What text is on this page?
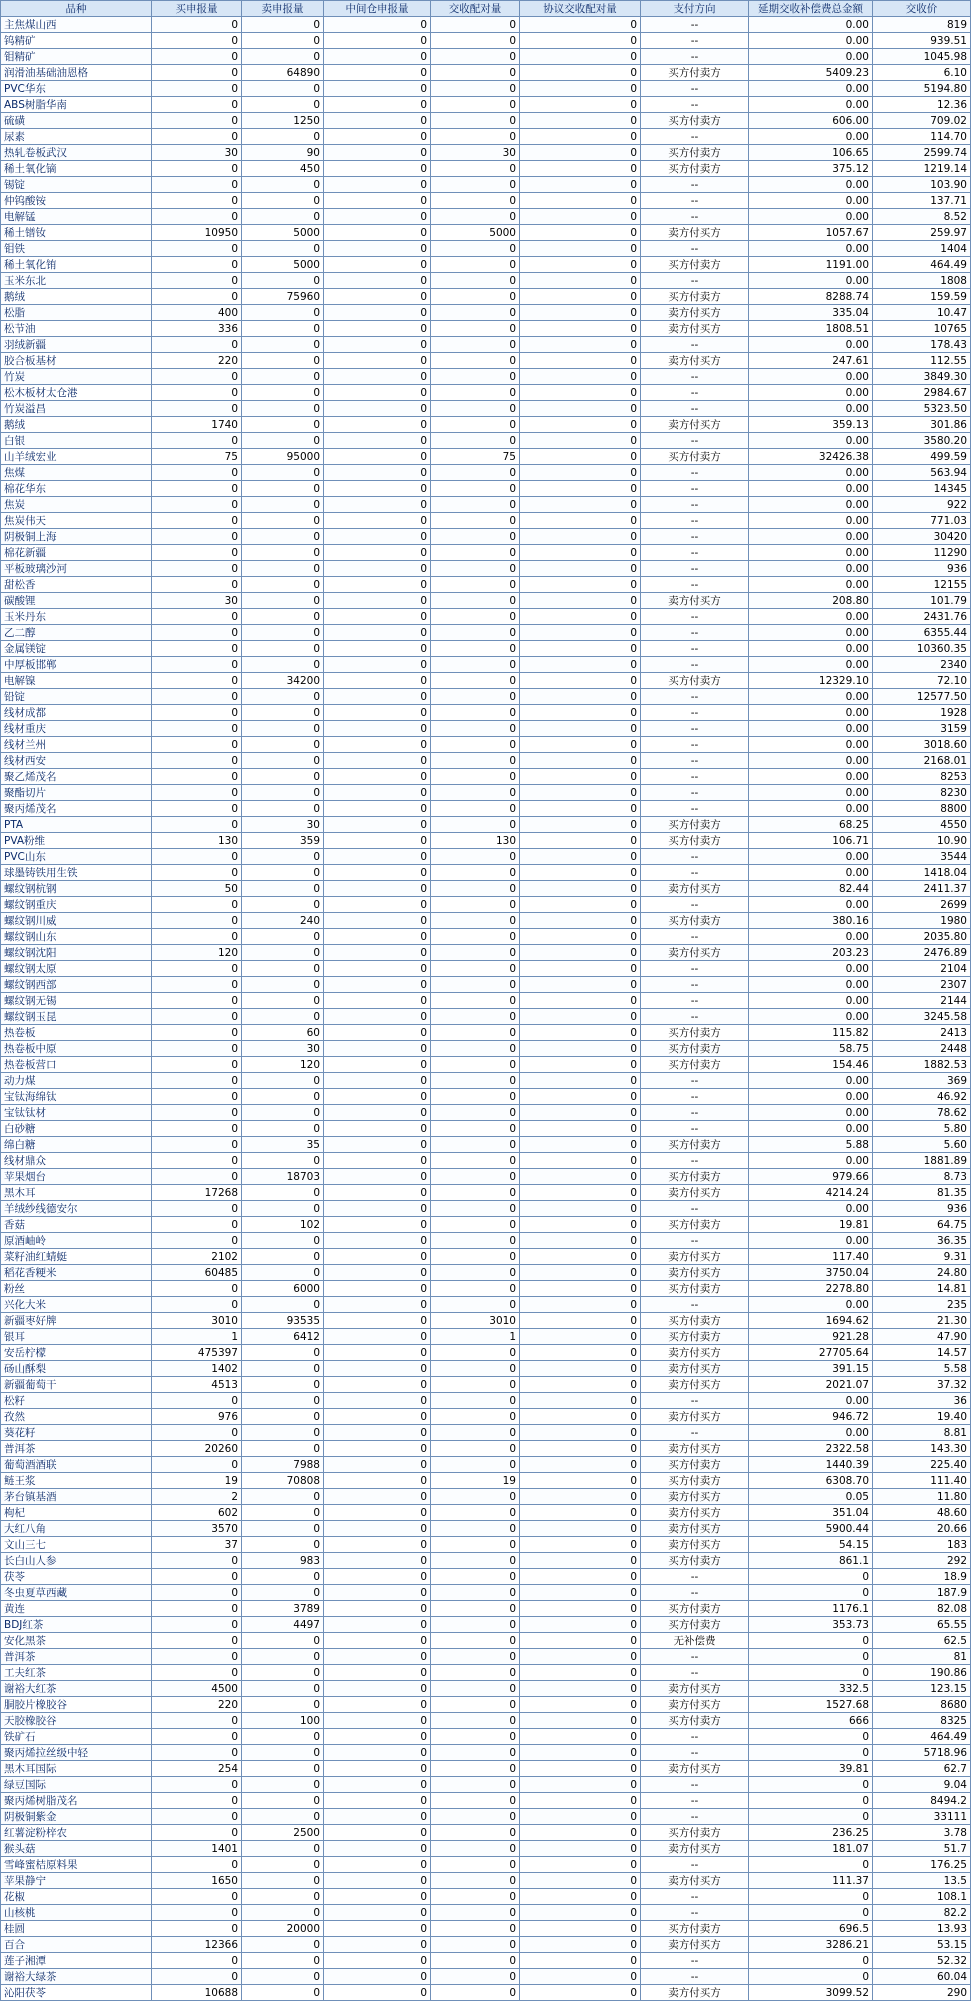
品种	买申报量	卖申报量	中间仓申报量	交收配对量	协议交收配对量	支付方向	延期交收补偿费总金额	交收价
主焦煤山西	0	0	0	0	0	--	0.00	819
钨精矿	0	0	0	0	0	--	0.00	939.51
钼精矿	0	0	0	0	0	--	0.00	1045.98
润滑油基础油恩格	0	64890	0	0	0	买方付卖方	5409.23	6.10
PVC华东	0	0	0	0	0	--	0.00	5194.80
ABS树脂华南	0	0	0	0	0	--	0.00	12.36
硫磺	0	1250	0	0	0	买方付卖方	606.00	709.02
尿素	0	0	0	0	0	--	0.00	114.70
热轧卷板武汉	30	90	0	30	0	买方付卖方	106.65	2599.74
稀土氧化镝	0	450	0	0	0	买方付卖方	375.12	1219.14
锡锭	0	0	0	0	0	--	0.00	103.90
仲钨酸铵	0	0	0	0	0	--	0.00	137.71
电解锰	0	0	0	0	0	--	0.00	8.52
稀土镨钕	10950	5000	0	5000	0	卖方付买方	1057.67	259.97
钼铁	0	0	0	0	0	--	0.00	1404
稀土氧化铕	0	5000	0	0	0	买方付卖方	1191.00	464.49
玉米东北	0	0	0	0	0	--	0.00	1808
鹅绒	0	75960	0	0	0	买方付卖方	8288.74	159.59
松脂	400	0	0	0	0	卖方付买方	335.04	10.47
松节油	336	0	0	0	0	卖方付买方	1808.51	10765
羽绒新疆	0	0	0	0	0	--	0.00	178.43
胶合板基材	220	0	0	0	0	卖方付买方	247.61	112.55
竹炭	0	0	0	0	0	--	0.00	3849.30
松木板材太仓港	0	0	0	0	0	--	0.00	2984.67
竹炭溢昌	0	0	0	0	0	--	0.00	5323.50
鹅绒	1740	0	0	0	0	卖方付买方	359.13	301.86
白银	0	0	0	0	0	--	0.00	3580.20
山羊绒宏业	75	95000	0	75	0	买方付卖方	32426.38	499.59
焦煤	0	0	0	0	0	--	0.00	563.94
棉花华东	0	0	0	0	0	--	0.00	14345
焦炭	0	0	0	0	0	--	0.00	922
焦炭伟天	0	0	0	0	0	--	0.00	771.03
阴极铜上海	0	0	0	0	0	--	0.00	30420
棉花新疆	0	0	0	0	0	--	0.00	11290
平板玻璃沙河	0	0	0	0	0	--	0.00	936
甜松香	0	0	0	0	0	--	0.00	12155
碳酸锂	30	0	0	0	0	卖方付买方	208.80	101.79
玉米丹东	0	0	0	0	0	--	0.00	2431.76
乙二醇	0	0	0	0	0	--	0.00	6355.44
金属镁锭	0	0	0	0	0	--	0.00	10360.35
中厚板邯郸	0	0	0	0	0	--	0.00	2340
电解镍	0	34200	0	0	0	买方付卖方	12329.10	72.10
铅锭	0	0	0	0	0	--	0.00	12577.50
线材成都	0	0	0	0	0	--	0.00	1928
线材重庆	0	0	0	0	0	--	0.00	3159
线材兰州	0	0	0	0	0	--	0.00	3018.60
线材西安	0	0	0	0	0	--	0.00	2168.01
聚乙烯茂名	0	0	0	0	0	--	0.00	8253
聚酯切片	0	0	0	0	0	--	0.00	8230
聚丙烯茂名	0	0	0	0	0	--	0.00	8800
PTA	0	30	0	0	0	买方付卖方	68.25	4550
PVA粉维	130	359	0	130	0	买方付卖方	106.71	10.90
PVC山东	0	0	0	0	0	--	0.00	3544
球墨铸铁用生铁	0	0	0	0	0	--	0.00	1418.04
螺纹钢杭钢	50	0	0	0	0	卖方付买方	82.44	2411.37
螺纹钢重庆	0	0	0	0	0	--	0.00	2699
螺纹钢川威	0	240	0	0	0	买方付卖方	380.16	1980
螺纹钢山东	0	0	0	0	0	--	0.00	2035.80
螺纹钢沈阳	120	0	0	0	0	卖方付买方	203.23	2476.89
螺纹钢太原	0	0	0	0	0	--	0.00	2104
螺纹钢西部	0	0	0	0	0	--	0.00	2307
螺纹钢无锡	0	0	0	0	0	--	0.00	2144
螺纹钢玉昆	0	0	0	0	0	--	0.00	3245.58
热卷板	0	60	0	0	0	买方付卖方	115.82	2413
热卷板中原	0	30	0	0	0	买方付卖方	58.75	2448
热卷板营口	0	120	0	0	0	买方付卖方	154.46	1882.53
动力煤	0	0	0	0	0	--	0.00	369
宝钛海绵钛	0	0	0	0	0	--	0.00	46.92
宝钛钛材	0	0	0	0	0	--	0.00	78.62
白砂糖	0	0	0	0	0	--	0.00	5.80
绵白糖	0	35	0	0	0	买方付卖方	5.88	5.60
线材鼎众	0	0	0	0	0	--	0.00	1881.89
苹果烟台	0	18703	0	0	0	买方付卖方	979.66	8.73
黑木耳	17268	0	0	0	0	卖方付买方	4214.24	81.35
羊绒纱线德安尔	0	0	0	0	0	--	0.00	936
香菇	0	102	0	0	0	买方付卖方	19.81	64.75
原酒岫岭	0	0	0	0	0	--	0.00	36.35
菜籽油红蜻蜓	2102	0	0	0	0	卖方付买方	117.40	9.31
稻花香粳米	60485	0	0	0	0	卖方付买方	3750.04	24.80
粉丝	0	6000	0	0	0	买方付卖方	2278.80	14.81
兴化大米	0	0	0	0	0	--	0.00	235
新疆枣好牌	3010	93535	0	3010	0	买方付卖方	1694.62	21.30
银耳	1	6412	0	1	0	买方付卖方	921.28	47.90
安岳柠檬	475397	0	0	0	0	卖方付买方	27705.64	14.57
砀山酥梨	1402	0	0	0	0	卖方付买方	391.15	5.58
新疆葡萄干	4513	0	0	0	0	卖方付买方	2021.07	37.32
松籽	0	0	0	0	0	--	0.00	36
孜然	976	0	0	0	0	卖方付买方	946.72	19.40
葵花籽	0	0	0	0	0	--	0.00	8.81
普洱茶	20260	0	0	0	0	卖方付买方	2322.58	143.30
葡萄酒酒联	0	7988	0	0	0	买方付卖方	1440.39	225.40
鲢王浆	19	70808	0	19	0	买方付卖方	6308.70	111.40
茅台镇基酒	2	0	0	0	0	卖方付买方	0.05	11.80
枸杞	602	0	0	0	0	卖方付买方	351.04	48.60
大红八角	3570	0	0	0	0	卖方付买方	5900.44	20.66
文山三七	37	0	0	0	0	卖方付买方	54.15	183
长白山人参	0	983	0	0	0	买方付卖方	861.1	292
茯苓	0	0	0	0	0	--	0	18.9
冬虫夏草西藏	0	0	0	0	0	--	0	187.9
黄连	0	3789	0	0	0	买方付卖方	1176.1	82.08
BDJ红茶	0	4497	0	0	0	买方付卖方	353.73	65.55
安化黑茶	0	0	0	0	0	无补偿费	0	62.5
普洱茶	0	0	0	0	0	--	0	81
工夫红茶	0	0	0	0	0	--	0	190.86
谢裕大红茶	4500	0	0	0	0	卖方付买方	332.5	123.15
胴胶片橡胶谷	220	0	0	0	0	卖方付买方	1527.68	8680
天胶橡胶谷	0	100	0	0	0	买方付卖方	666	8325
铁矿石	0	0	0	0	0	--	0	464.49
聚丙烯拉丝级中轻	0	0	0	0	0	--	0	5718.96
黑木耳国际	254	0	0	0	0	卖方付买方	39.81	62.7
绿豆国际	0	0	0	0	0	--	0	9.04
聚丙烯树脂茂名	0	0	0	0	0	--	0	8494.2
阴极铜紫金	0	0	0	0	0	--	0	33111
红薯淀粉梓农	0	2500	0	0	0	买方付卖方	236.25	3.78
猴头菇	1401	0	0	0	0	卖方付买方	181.07	51.7
雪峰蜜桔原料果	0	0	0	0	0	--	0	176.25
苹果静宁	1650	0	0	0	0	卖方付买方	111.37	13.5
花椒	0	0	0	0	0	--	0	108.1
山核桃	0	0	0	0	0	--	0	82.2
桂圆	0	20000	0	0	0	买方付卖方	696.5	13.93
百合	12366	0	0	0	0	卖方付买方	3286.21	53.15
莲子湘潭	0	0	0	0	0	--	0	52.32
谢裕大绿茶	0	0	0	0	0	--	0	60.04
沁阳茯苓	10688	0	0	0	0	卖方付买方	3099.52	290
